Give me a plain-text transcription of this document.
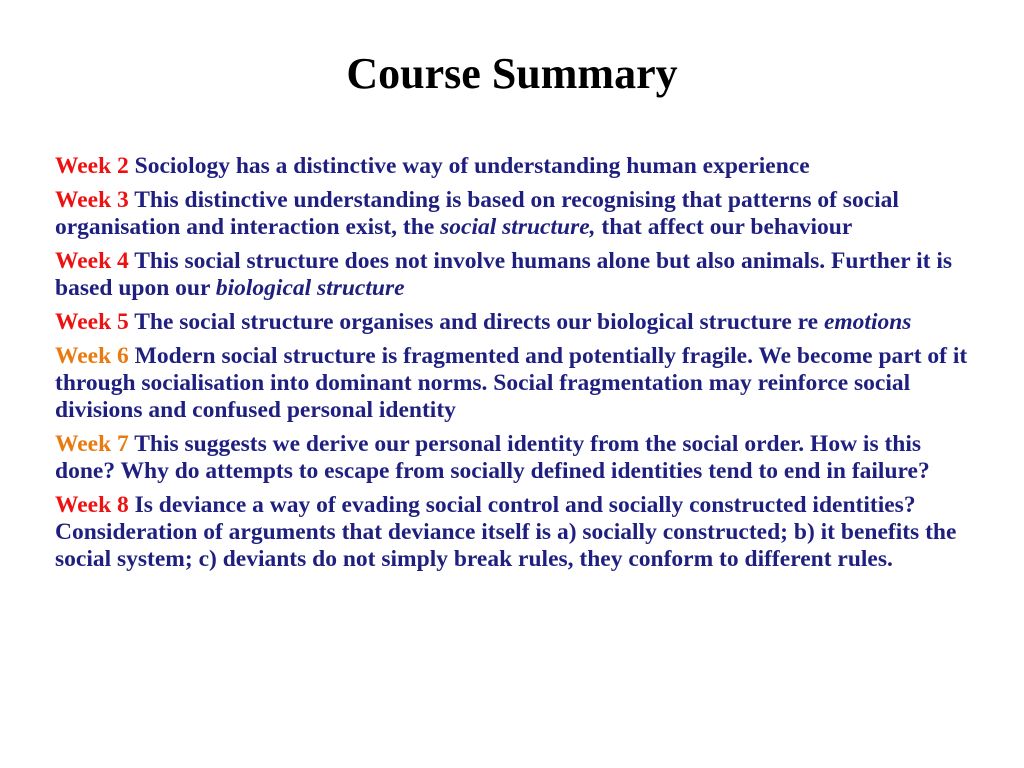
Course Summary

Week 2 Sociology has a distinctive way of understanding human experience

Week 3 This distinctive understanding is based on recognising that patterns of social organisation and interaction exist, the social structure, that affect our behaviour

Week 4 This social structure does not involve humans alone but also animals. Further it is based upon our biological structure

Week 5 The social structure organises and directs our biological structure re emotions

Week 6 Modern social structure is fragmented and potentially fragile. We become part of it through socialisation into dominant norms. Social fragmentation may reinforce social divisions and confused personal identity

Week 7 This suggests we derive our personal identity from the social order. How is this done? Why do attempts to escape from socially defined identities tend to end in failure?

Week 8 Is deviance a way of evading social control and socially constructed identities? Consideration of arguments that deviance itself is a) socially constructed; b) it benefits the social system; c) deviants do not simply break rules, they conform to different rules.
